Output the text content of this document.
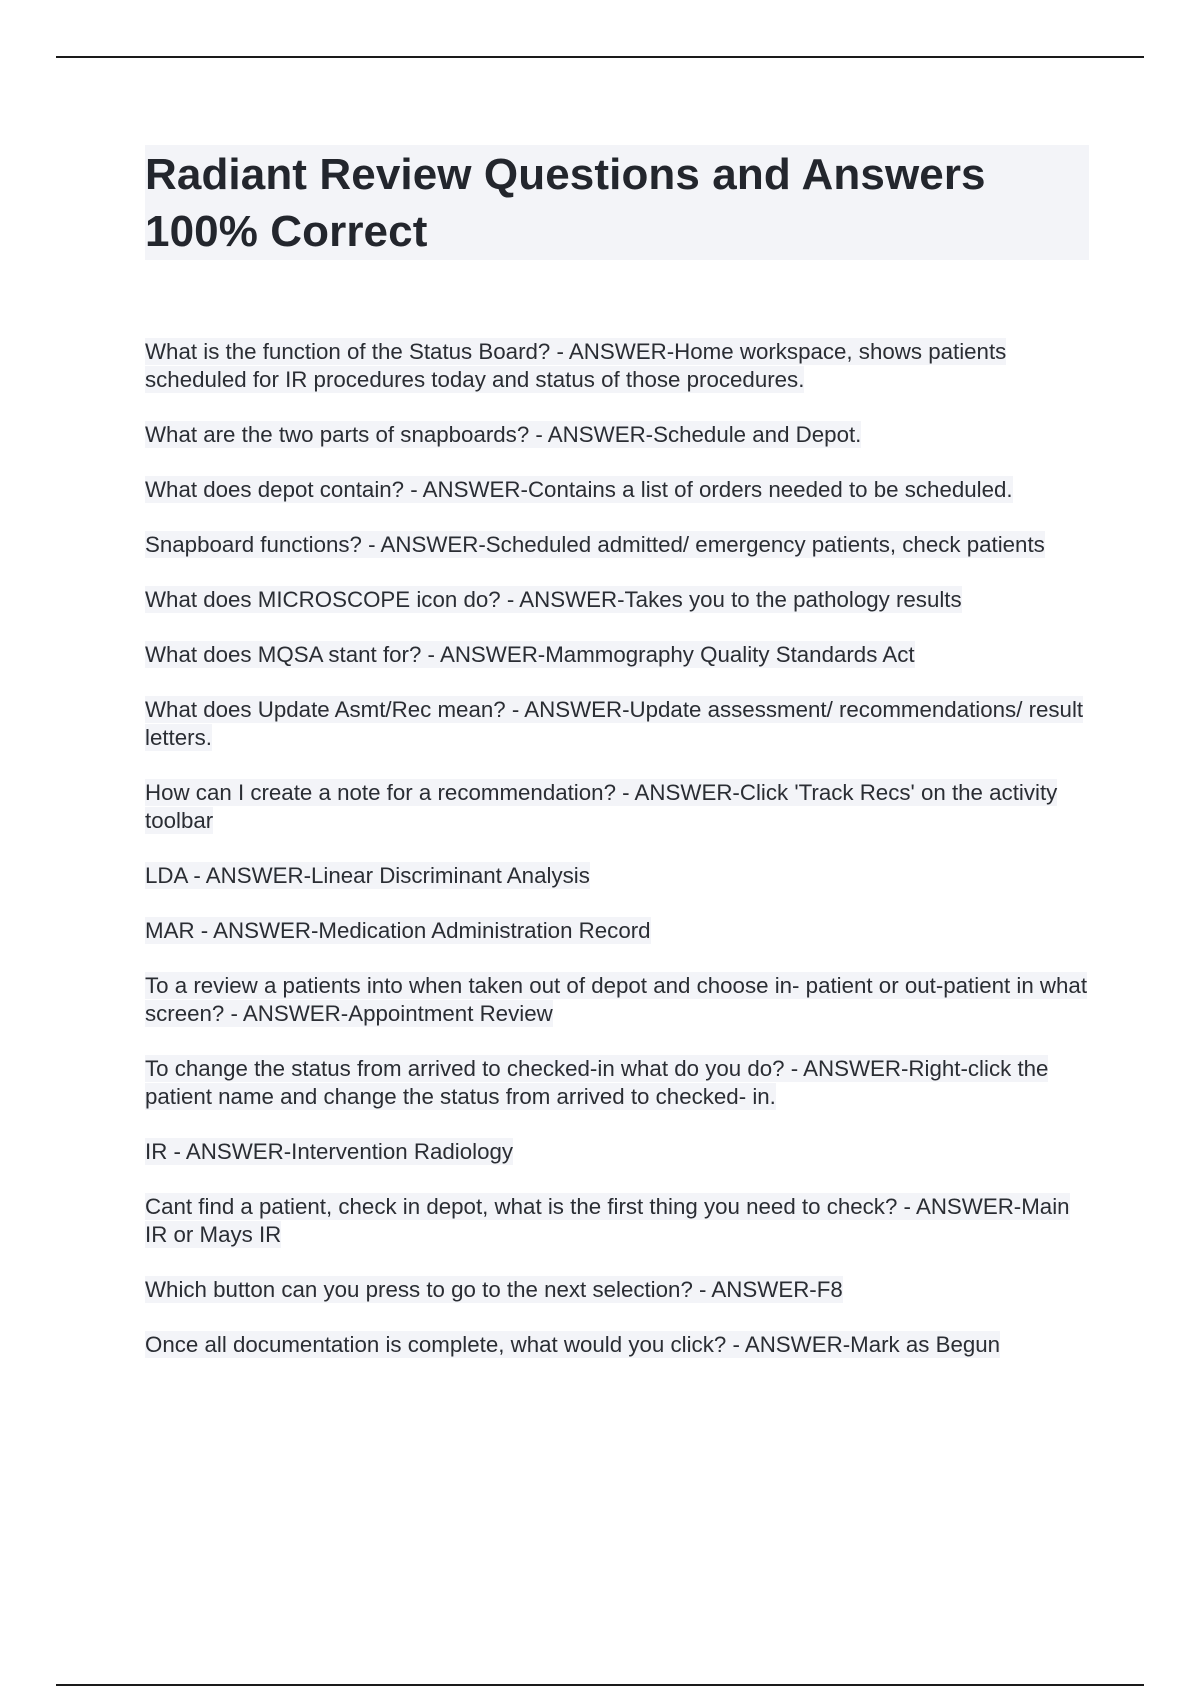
Radiant Review Questions and Answers
100% Correct

What is the function of the Status Board? - ANSWER-Home workspace, shows patients scheduled for IR procedures today and status of those procedures.

What are the two parts of snapboards? - ANSWER-Schedule and Depot.

What does depot contain? - ANSWER-Contains a list of orders needed to be scheduled.

Snapboard functions? - ANSWER-Scheduled admitted/ emergency patients, check patients

What does MICROSCOPE icon do? - ANSWER-Takes you to the pathology results

What does MQSA stant for? - ANSWER-Mammography Quality Standards Act

What does Update Asmt/Rec mean? - ANSWER-Update assessment/ recommendations/ result letters.

How can I create a note for a recommendation? - ANSWER-Click 'Track Recs' on the activity toolbar

LDA - ANSWER-Linear Discriminant Analysis

MAR - ANSWER-Medication Administration Record

To a review a patients into when taken out of depot and choose in- patient or out-patient in what screen? - ANSWER-Appointment Review

To change the status from arrived to checked-in what do you do? - ANSWER-Right-click the patient name and change the status from arrived to checked- in.

IR - ANSWER-Intervention Radiology

Cant find a patient, check in depot, what is the first thing you need to check? - ANSWER-Main IR or Mays IR

Which button can you press to go to the next selection? - ANSWER-F8

Once all documentation is complete, what would you click? - ANSWER-Mark as Begun
